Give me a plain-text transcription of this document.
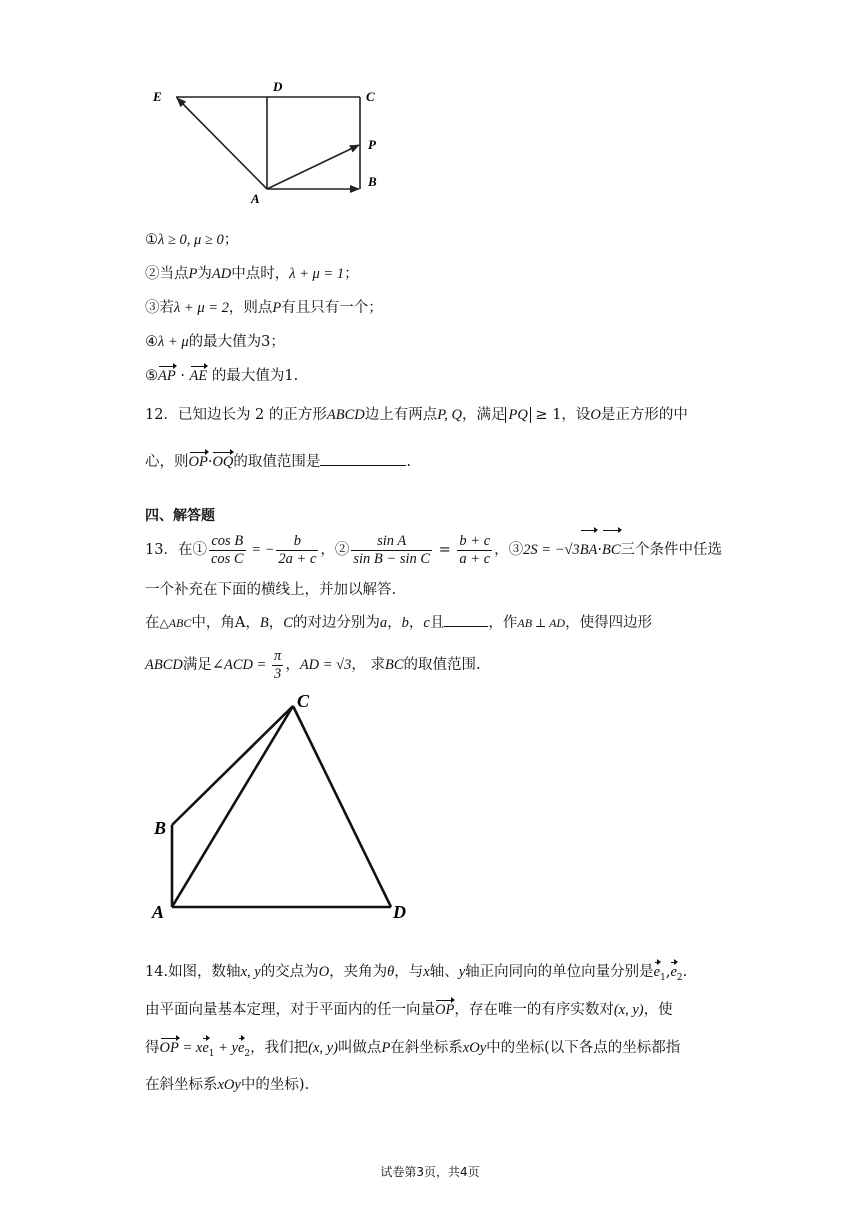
E
D
C
P
B
A
①λ ≥ 0, μ ≥ 0；
②当点P为AD中点时，λ + μ = 1；
③若λ + μ = 2，则点P有且只有一个；
④λ + μ的最大值为3；
⑤AP · AE 的最大值为1.
12．已知边长为 2 的正方形ABCD边上有两点P, Q，满足 PQ ≥ 1，设O是正方形的中
心，则OP·OQ的取值范围是	.
四、解答题
13．在① $\frac{\text{cos B}}{\text{cos C}}$ = − $\frac{b}{2a + c}$ ，② $\frac{\text{sin A}}{\text{sin B − sin C}} = \frac{b + c}{a + c}$ ，③2S = −√3BA·BC三个条件中任选
一个补充在下面的横线上，并加以解答.
在△ABC中，角A，B，C的对边分别为a，b，c且	，作AB ⊥ AD，使得四边形
ABCD满足∠ACD = $\frac{\pi}{3}$ ，AD = √3， 求BC的取值范围.
C
B
A	D
14.如图，数轴x, y的交点为O，夹角为θ，与x轴、y轴正向同向的单位向量分别是$e_1,e_2$.
由平面向量基本定理，对于平面内的任一向量OP，存在唯一的有序实数对(x, y)，使
得OP = $xe_1 + ye_2$，我们把(x, y)叫做点P在斜坐标系xOy中的坐标(以下各点的坐标都指
在斜坐标系xOy中的坐标).
试卷第3页，共4页
